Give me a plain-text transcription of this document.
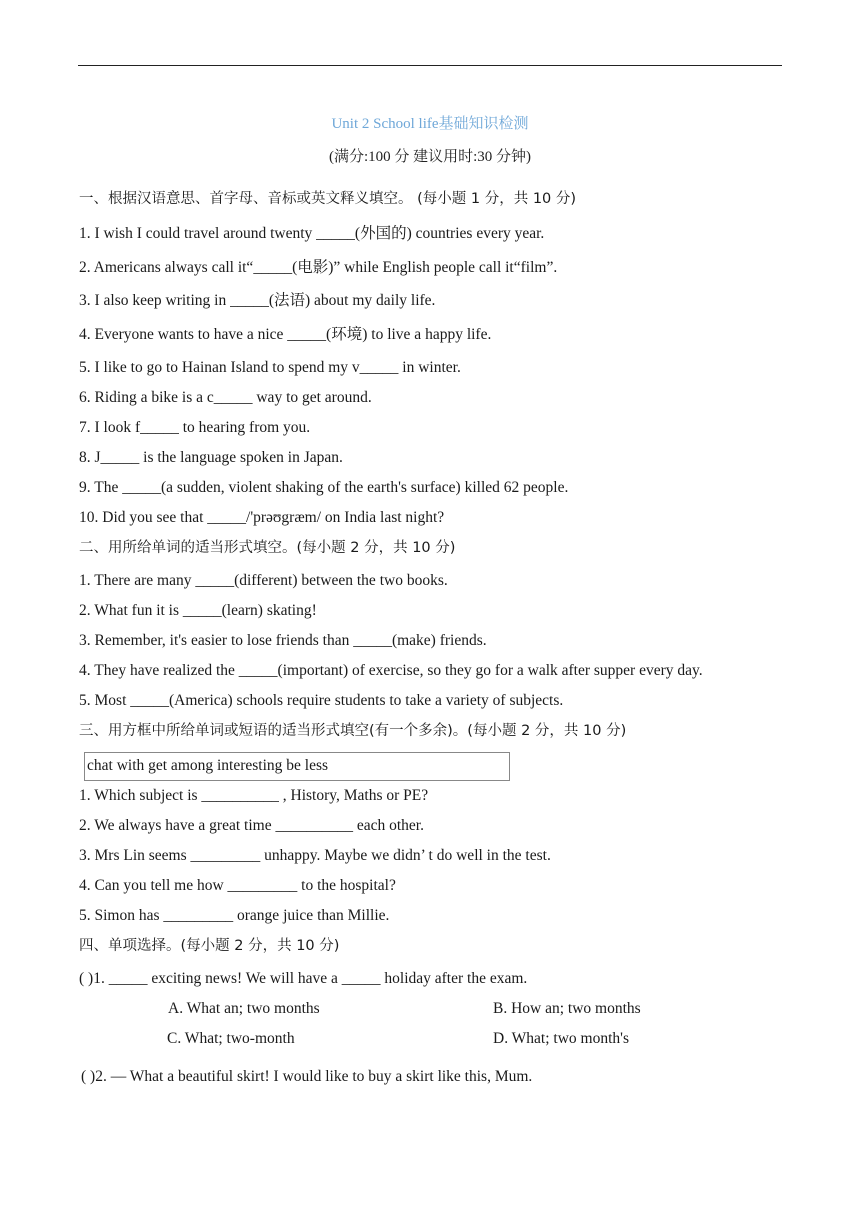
Unit 2 School life基础知识检测
(满分:100 分 建议用时:30 分钟)
一、根据汉语意思、首字母、音标或英文释义填空。 (每小题 1 分，共 10 分)
1. I wish I could travel around twenty _____(外国的) countries every year.
2. Americans always call it“_____(电影)” while English people call it“film”.
3. I also keep writing in _____(法语) about my daily life.
4. Everyone wants to have a nice _____(环境) to live a happy life.
5. I like to go to Hainan Island to spend my v_____ in winter.
6. Riding a bike is a c_____ way to get around.
7. I look f_____ to hearing from you.
8. J_____ is the language spoken in Japan.
9. The _____(a sudden, violent shaking of the earth's surface) killed 62 people.
10. Did you see that _____/'prəʊgræm/ on India last night?
二、用所给单词的适当形式填空。(每小题 2 分，共 10 分)
1. There are many _____(different) between the two books.
2. What fun it is _____(learn) skating!
3. Remember, it's easier to lose friends than _____(make) friends.
4. They have realized the _____(important) of exercise, so they go for a walk after supper every day.
5. Most _____(America) schools require students to take a variety of subjects.
三、用方框中所给单词或短语的适当形式填空(有一个多余)。(每小题 2 分，共 10 分)
chat with get among interesting be less
1. Which subject is __________ , History, Maths or PE?
2. We always have a great time __________ each other.
3. Mrs Lin seems _________ unhappy. Maybe we didn’ t do well in the test.
4. Can you tell me how _________ to the hospital?
5. Simon has _________ orange juice than Millie.
四、单项选择。(每小题 2 分，共 10 分)
( )1. _____ exciting news! We will have a _____ holiday after the exam.
A. What an; two months	B. How an; two months
C. What; two-month	D. What; two month's
( )2. — What a beautiful skirt! I would like to buy a skirt like this, Mum.
